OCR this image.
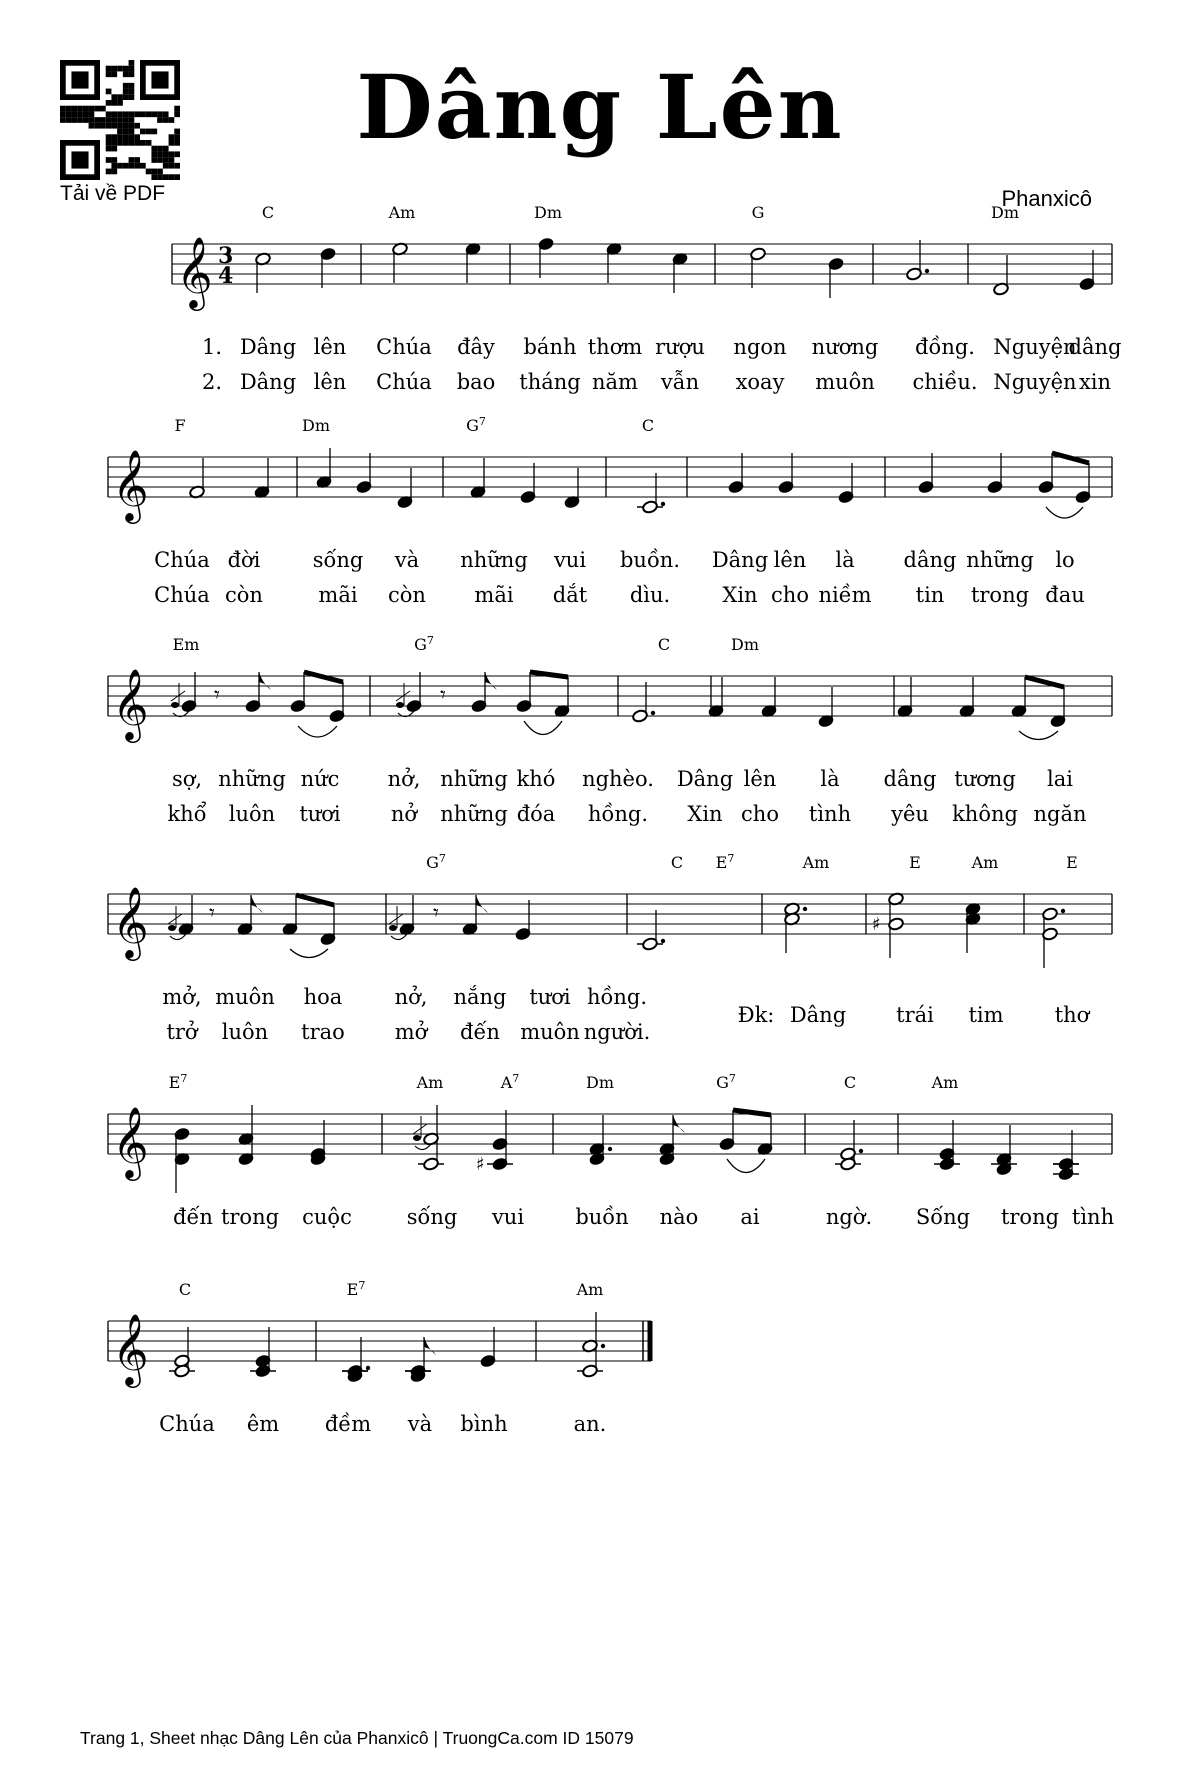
Tải về PDF
Dâng Lên
Phanxicô
𝄞 3
4
C	Am	Dm	G	Dm
1. Dâng lên Chúa đây bánh thơm rượu ngon nương đồng. Nguyện
dâng
2. Dâng lên Chúa bao tháng năm vẫn xoay muôn chiều. Nguyện xin
𝄞
F	Dm	$G^7$	C
Chúa đời sống và những vui buồn. Dâng lên là dâng những lo
Chúa còn	mãi còn mãi dắt dìu. Xin cho niềm tin trong đau
𝄞	𝄾	𝄾
Em	$G^7$	C	Dm
sợ, những nức nở, những khó nghèo. Dâng lên là dâng tương lai
khổ luôn tươi nở những đóa hồng. Xin cho tình yêu không ngăn
𝄞	𝄾	𝄾	♯
$G^7$	C $E^7$	Am	E	Am	E
mở, muôn hoa nở, nắng tươi hồng.
trở luôn trao mở đến muôn người.
Đk: Dâng trái tim thơ
𝄞	♯
$E^7$	Am	$A^7$	Dm	$G^7$	C	Am
đến trong cuộc	sống vui buồn nào ai	ngờ. Sống trong tình
𝄞
C	$E^7$	Am
Chúa êm đềm và bình	an.
Trang 1, Sheet nhạc Dâng Lên của Phanxicô | TruongCa.com ID 15079
